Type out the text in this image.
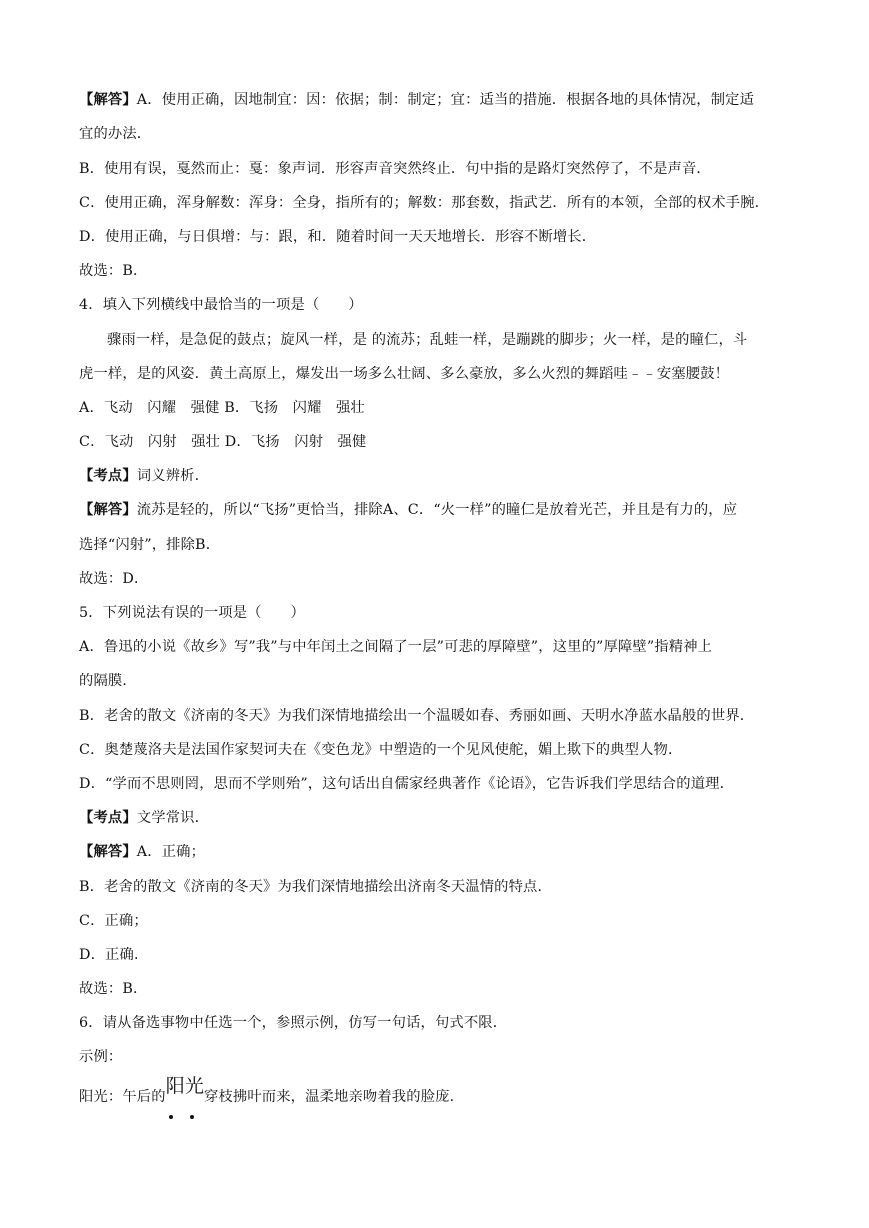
【解答】A．使用正确，因地制宜：因：依据；制：制定；宜：适当的措施．根据各地的具体情况，制定适
宜的办法．
B．使用有误，戛然而止：戛：象声词．形容声音突然终止．句中指的是路灯突然停了，不是声音．
C．使用正确，浑身解数：浑身：全身，指所有的；解数：那套数，指武艺．所有的本领，全部的权术手腕．
D．使用正确，与日俱增：与：跟，和．随着时间一天天地增长．形容不断增长．
故选：B．
4．填入下列横线中最恰当的一项是（　　）
骤雨一样，是急促的鼓点；旋风一样，是 的流苏；乱蛙一样，是蹦跳的脚步；火一样，是的瞳仁，斗
虎一样，是的风姿．黄土高原上，爆发出一场多么壮阔、多么豪放，多么火烈的舞蹈哇﹣﹣安塞腰鼓！
A．飞动　闪耀　强健 B．飞扬　闪耀　强壮
C．飞动　闪射　强壮 D．飞扬　闪射　强健
【考点】词义辨析．
【解答】流苏是轻的，所以“飞扬”更恰当，排除A、C．“火一样”的瞳仁是放着光芒，并且是有力的，应
选择“闪射”，排除B．
故选：D．
5．下列说法有误的一项是（　　）
A．鲁迅的小说《故乡》写”我”与中年闰土之间隔了一层”可悲的厚障壁”，这里的”厚障壁”指精神上
的隔膜．
B．老舍的散文《济南的冬天》为我们深情地描绘出一个温暖如春、秀丽如画、天明水净蓝水晶般的世界．
C．奥楚蔑洛夫是法国作家契诃夫在《变色龙》中塑造的一个见风使舵，媚上欺下的典型人物．
D．“学而不思则罔，思而不学则殆”，这句话出自儒家经典著作《论语》，它告诉我们学思结合的道理．
【考点】文学常识．
【解答】A．正确；
B．老舍的散文《济南的冬天》为我们深情地描绘出济南冬天温情的特点．
C．正确；
D．正确．
故选：B．
6．请从备选事物中任选一个，参照示例，仿写一句话，句式不限．
示例：
阳光：午后的阳光
穿枝拂叶而来，温柔地亲吻着我的脸庞．
